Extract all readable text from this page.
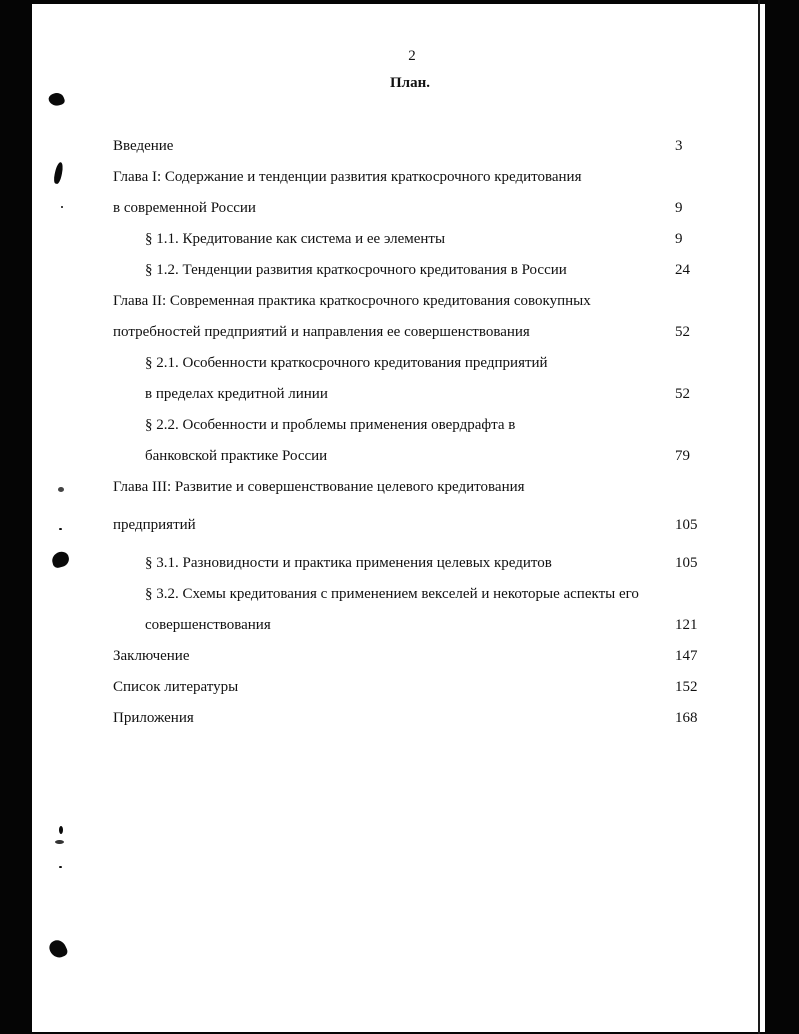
2
План.
Введение	3
Глава I: Содержание и тенденции развития краткосрочного кредитования
в современной России	9
§ 1.1. Кредитование как система и ее элементы	9
§ 1.2. Тенденции развития краткосрочного кредитования в России	24
Глава II: Современная практика краткосрочного кредитования совокупных
потребностей предприятий и направления ее совершенствования	52
§ 2.1. Особенности краткосрочного кредитования предприятий
в пределах кредитной линии	52
§ 2.2. Особенности и проблемы применения овердрафта в
банковской практике России	79
Глава III: Развитие и совершенствование целевого кредитования
предприятий	105
§ 3.1. Разновидности и практика применения целевых кредитов	105
§ 3.2. Схемы кредитования с применением векселей и некоторые аспекты его
совершенствования	121
Заключение	147
Список литературы	152
Приложения	168
